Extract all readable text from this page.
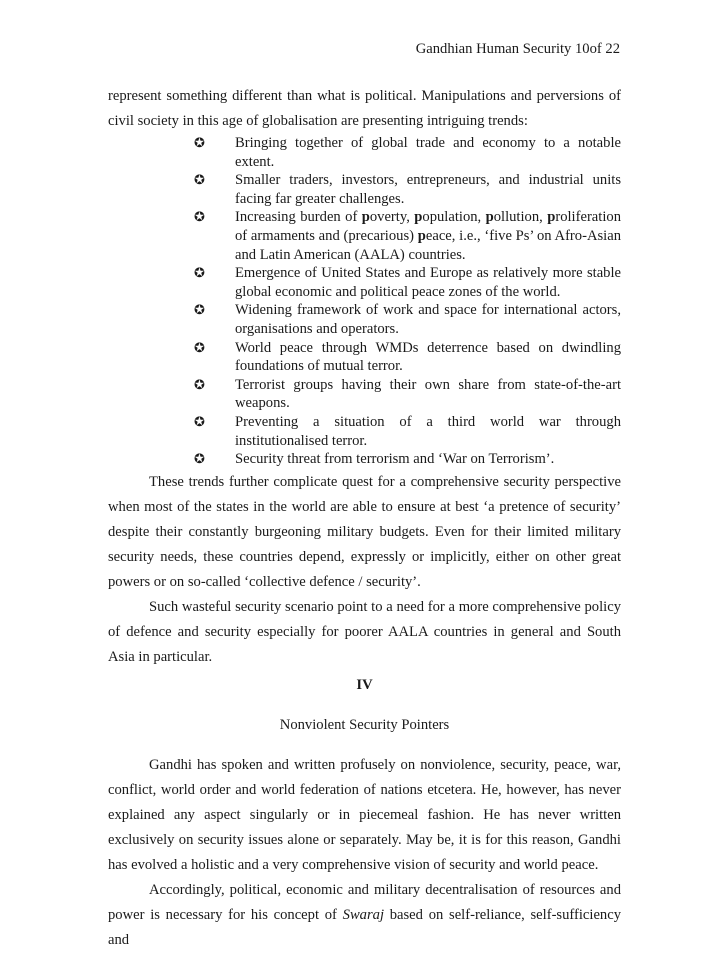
Gandhian Human Security 10of 22

represent something different than what is political. Manipulations and perversions of civil society in this age of globalisation are presenting intriguing trends:

✪ Bringing together of global trade and economy to a notable extent.
✪ Smaller traders, investors, entrepreneurs, and industrial units facing far greater challenges.
✪ Increasing burden of poverty, population, pollution, proliferation of armaments and (precarious) peace, i.e., ‘five Ps’ on Afro-Asian and Latin American (AALA) countries.
✪ Emergence of United States and Europe as relatively more stable global economic and political peace zones of the world.
✪ Widening framework of work and space for international actors, organisations and operators.
✪ World peace through WMDs deterrence based on dwindling foundations of mutual terror.
✪ Terrorist groups having their own share from state-of-the-art weapons.
✪ Preventing a situation of a third world war through institutionalised terror.
✪ Security threat from terrorism and ‘War on Terrorism’.

These trends further complicate quest for a comprehensive security perspective when most of the states in the world are able to ensure at best ‘a pretence of security’ despite their constantly burgeoning military budgets. Even for their limited military security needs, these countries depend, expressly or implicitly, either on other great powers or on so-called ‘collective defence / security’.

Such wasteful security scenario point to a need for a more comprehensive policy of defence and security especially for poorer AALA countries in general and South Asia in particular.

IV

Nonviolent Security Pointers

Gandhi has spoken and written profusely on nonviolence, security, peace, war, conflict, world order and world federation of nations etcetera. He, however, has never explained any aspect singularly or in piecemeal fashion. He has never written exclusively on security issues alone or separately. May be, it is for this reason, Gandhi has evolved a holistic and a very comprehensive vision of security and world peace.

Accordingly, political, economic and military decentralisation of resources and power is necessary for his concept of Swaraj based on self-reliance, self-sufficiency and
